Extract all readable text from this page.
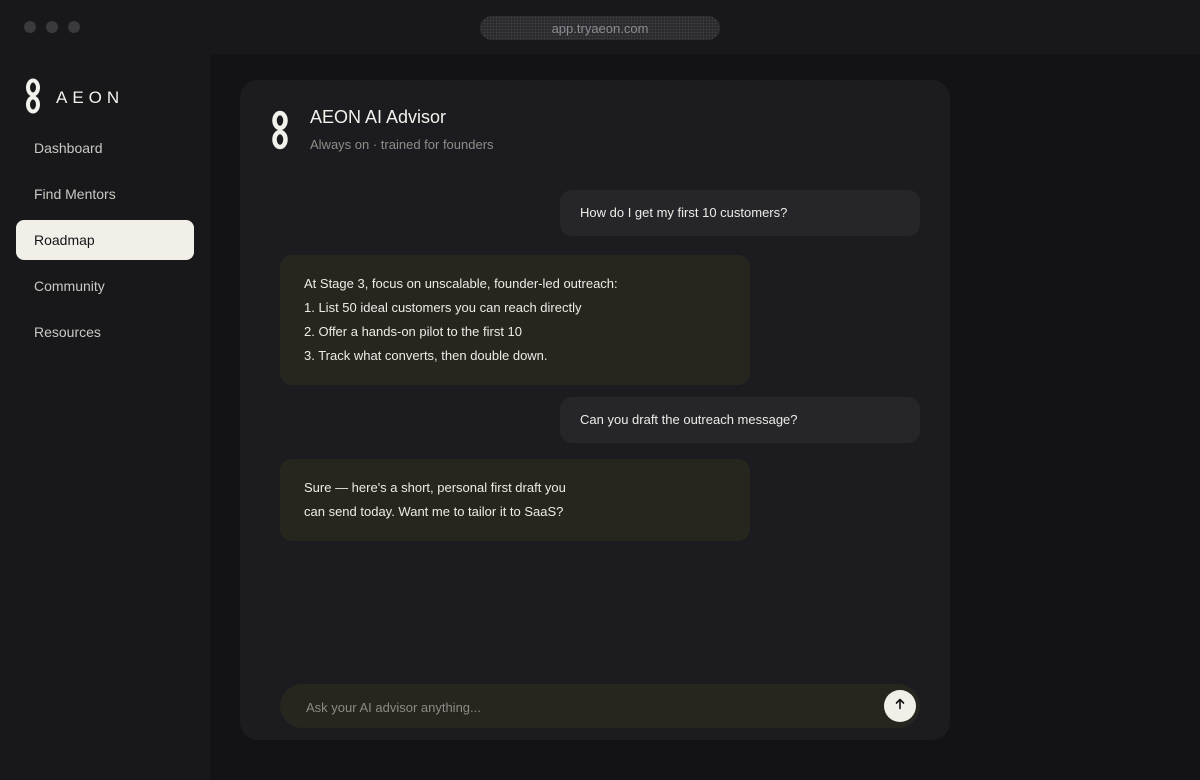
app.tryaeon.com
AEON
Dashboard
Find Mentors
Roadmap
Community
Resources
AEON AI Advisor
Always on · trained for founders
How do I get my first 10 customers?
At Stage 3, focus on unscalable, founder-led outreach:
1. List 50 ideal customers you can reach directly
2. Offer a hands-on pilot to the first 10
3. Track what converts, then double down.
Can you draft the outreach message?
Sure — here's a short, personal first draft you
can send today. Want me to tailor it to SaaS?
Ask your AI advisor anything...
